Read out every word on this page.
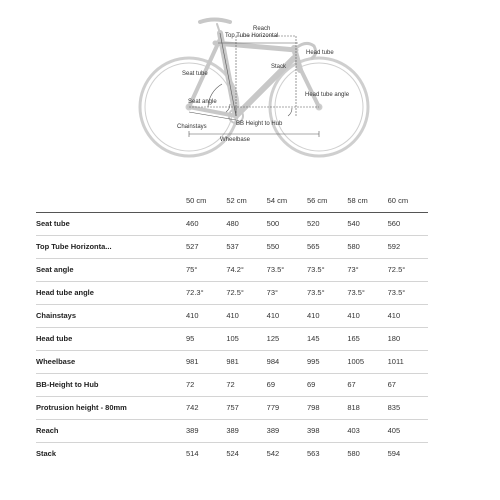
Reach
Top Tube Horizontal
Head tube
Seat tube
Stack
Head tube angle
Seat angle
Chainstays	BB Height to Hub
Wheelbase
	50 cm	52 cm	54 cm	56 cm	58 cm	60 cm
Seat tube	460	480	500	520	540	560
Top Tube Horizonta...	527	537	550	565	580	592
Seat angle	75°	74.2°	73.5°	73.5°	73°	72.5°
Head tube angle	72.3°	72.5°	73°	73.5°	73.5°	73.5°
Chainstays	410	410	410	410	410	410
Head tube	95	105	125	145	165	180
Wheelbase	981	981	984	995	1005	1011
BB-Height to Hub	72	72	69	69	67	67
Protrusion height - 80mm	742	757	779	798	818	835
Reach	389	389	389	398	403	405
Stack	514	524	542	563	580	594
